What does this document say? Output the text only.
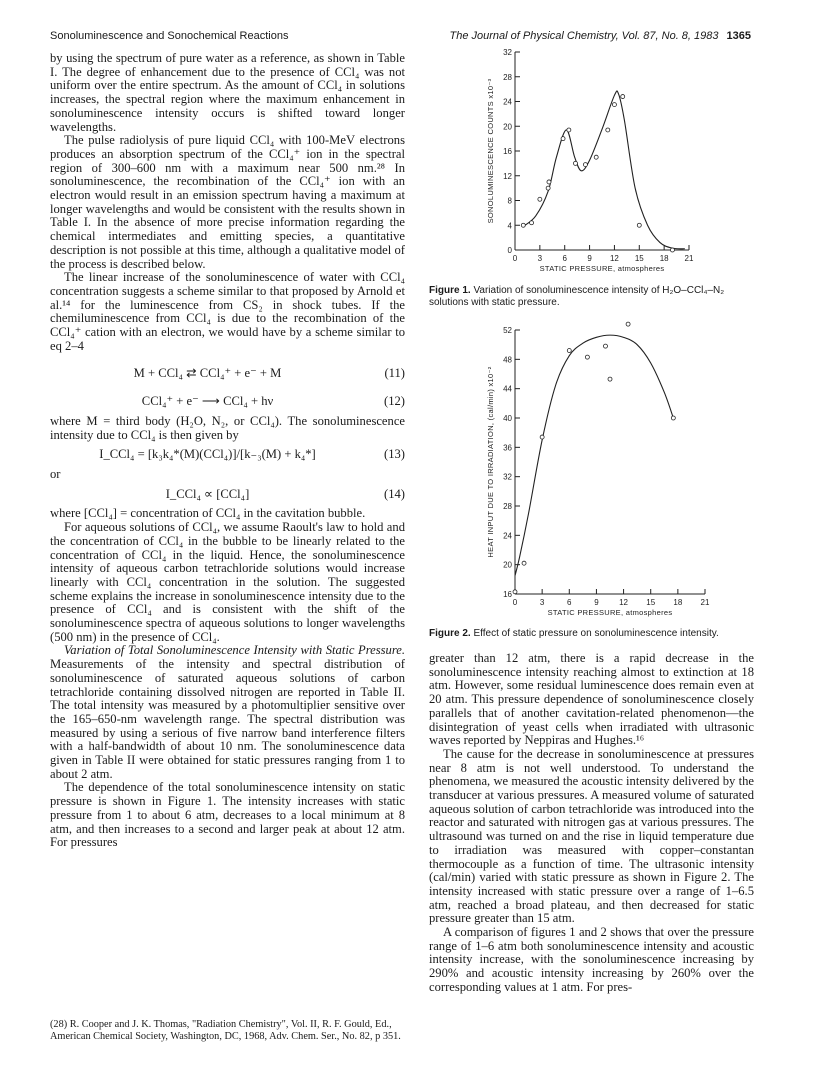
Sonoluminescence and Sonochemical Reactions	The Journal of Physical Chemistry, Vol. 87, No. 8, 1983 1365

by using the spectrum of pure water as a reference, as shown in Table I. The degree of enhancement due to the presence of CCl₄ was not uniform over the entire spectrum. As the amount of CCl₄ in solutions increases, the spectral region where the maximum enhancement in sonoluminescence intensity occurs is shifted toward longer wavelengths.

The pulse radiolysis of pure liquid CCl₄ with 100-MeV electrons produces an absorption spectrum of the CCl₄⁺ ion in the spectral region of 300–600 nm with a maximum near 500 nm.²⁸ In sonoluminescence, the recombination of the CCl₄⁺ ion with an electron would result in an emission spectrum having a maximum at longer wavelengths and would be consistent with the results shown in Table I. In the absence of more precise information regarding the chemical intermediates and emitting species, a quantitative description is not possible at this time, although a qualitative model of the process is described below.

The linear increase of the sonoluminescence of water with CCl₄ concentration suggests a scheme similar to that proposed by Arnold et al.¹⁴ for the luminescence from CS₂ in shock tubes. If the chemiluminescence from CCl₄ is due to the recombination of the CCl₄⁺ cation with an electron, we would have by a scheme similar to eq 2–4

M + CCl₄ ⇄ CCl₄⁺ + e⁻ + M	(11)
CCl₄⁺ + e⁻ ⟶ CCl₄ + hν	(12)

where M = third body (H₂O, N₂, or CCl₄). The sonoluminescence intensity due to CCl₄ is then given by

I_CCl₄ = [k₃k₄*(M)(CCl₄)]/[k₋₃(M) + k₄*]	(13)

or

I_CCl₄ ∝ [CCl₄]	(14)

where [CCl₄] = concentration of CCl₄ in the cavitation bubble.

For aqueous solutions of CCl₄, we assume Raoult's law to hold and the concentration of CCl₄ in the bubble to be linearly related to the concentration of CCl₄ in the liquid. Hence, the sonoluminescence intensity of aqueous carbon tetrachloride solutions would increase linearly with CCl₄ concentration in the solution. The suggested scheme explains the increase in sonoluminescence intensity due to the presence of CCl₄ and is consistent with the shift of the sonoluminescence spectra of aqueous solutions to longer wavelengths (500 nm) in the presence of CCl₄.

Variation of Total Sonoluminescence Intensity with Static Pressure. Measurements of the intensity and spectral distribution of sonoluminescence of saturated aqueous solutions of carbon tetrachloride containing dissolved nitrogen are reported in Table II. The total intensity was measured by a photomultiplier sensitive over the 165–650-nm wavelength range. The spectral distribution was measured by using a serious of five narrow band interference filters with a half-bandwidth of about 10 nm. The sonoluminescence data given in Table II were obtained for static pressures ranging from 1 to about 2 atm.

The dependence of the total sonoluminescence intensity on static pressure is shown in Figure 1. The intensity increases with static pressure from 1 to about 6 atm, decreases to a local minimum at 8 atm, and then increases to a second and larger peak at about 12 atm. For pressures

(28) R. Cooper and J. K. Thomas, "Radiation Chemistry", Vol. II, R. F. Gould, Ed., American Chemical Society, Washington, DC, 1968, Adv. Chem. Ser., No. 82, p 351.
0	3	6	9 12 15 18 21
0
4
8
12
16
20
24
28
32
STATIC PRESSURE, atmospheres
SONOLUMINESCENCE COUNTS x10⁻³
Figure 1. Variation of sonoluminescence intensity of H₂O–CCl₄–N₂ solutions with static pressure.
0	3	6	9	12 15 18 21
16
20
24
28
32
36
40
44
48
52
STATIC PRESSURE, atmospheres
HEAT INPUT DUE TO IRRADIATION, (cal/min) x10⁻²
Figure 2. Effect of static pressure on sonoluminescence intensity.

greater than 12 atm, there is a rapid decrease in the sonoluminescence intensity reaching almost to extinction at 18 atm. However, some residual luminescence does remain even at 20 atm. This pressure dependence of sonoluminescence closely parallels that of another cavitation-related phenomenon—the disintegration of yeast cells when irradiated with ultrasonic waves reported by Neppiras and Hughes.¹⁶

The cause for the decrease in sonoluminescence at pressures near 8 atm is not well understood. To understand the phenomena, we measured the acoustic intensity delivered by the transducer at various pressures. A measured volume of saturated aqueous solution of carbon tetrachloride was introduced into the reactor and saturated with nitrogen gas at various pressures. The ultrasound was turned on and the rise in liquid temperature due to irradiation was measured with copper–constantan thermocouple as a function of time. The ultrasonic intensity (cal/min) varied with static pressure as shown in Figure 2. The intensity increased with static pressure over a range of 1–6.5 atm, reached a broad plateau, and then decreased for static pressure greater than 15 atm.

A comparison of figures 1 and 2 shows that over the pressure range of 1–6 atm both sonoluminescence intensity and acoustic intensity increase, with the sonoluminescence increasing by 290% and acoustic intensity increasing by 260% over the corresponding values at 1 atm. For pres-
